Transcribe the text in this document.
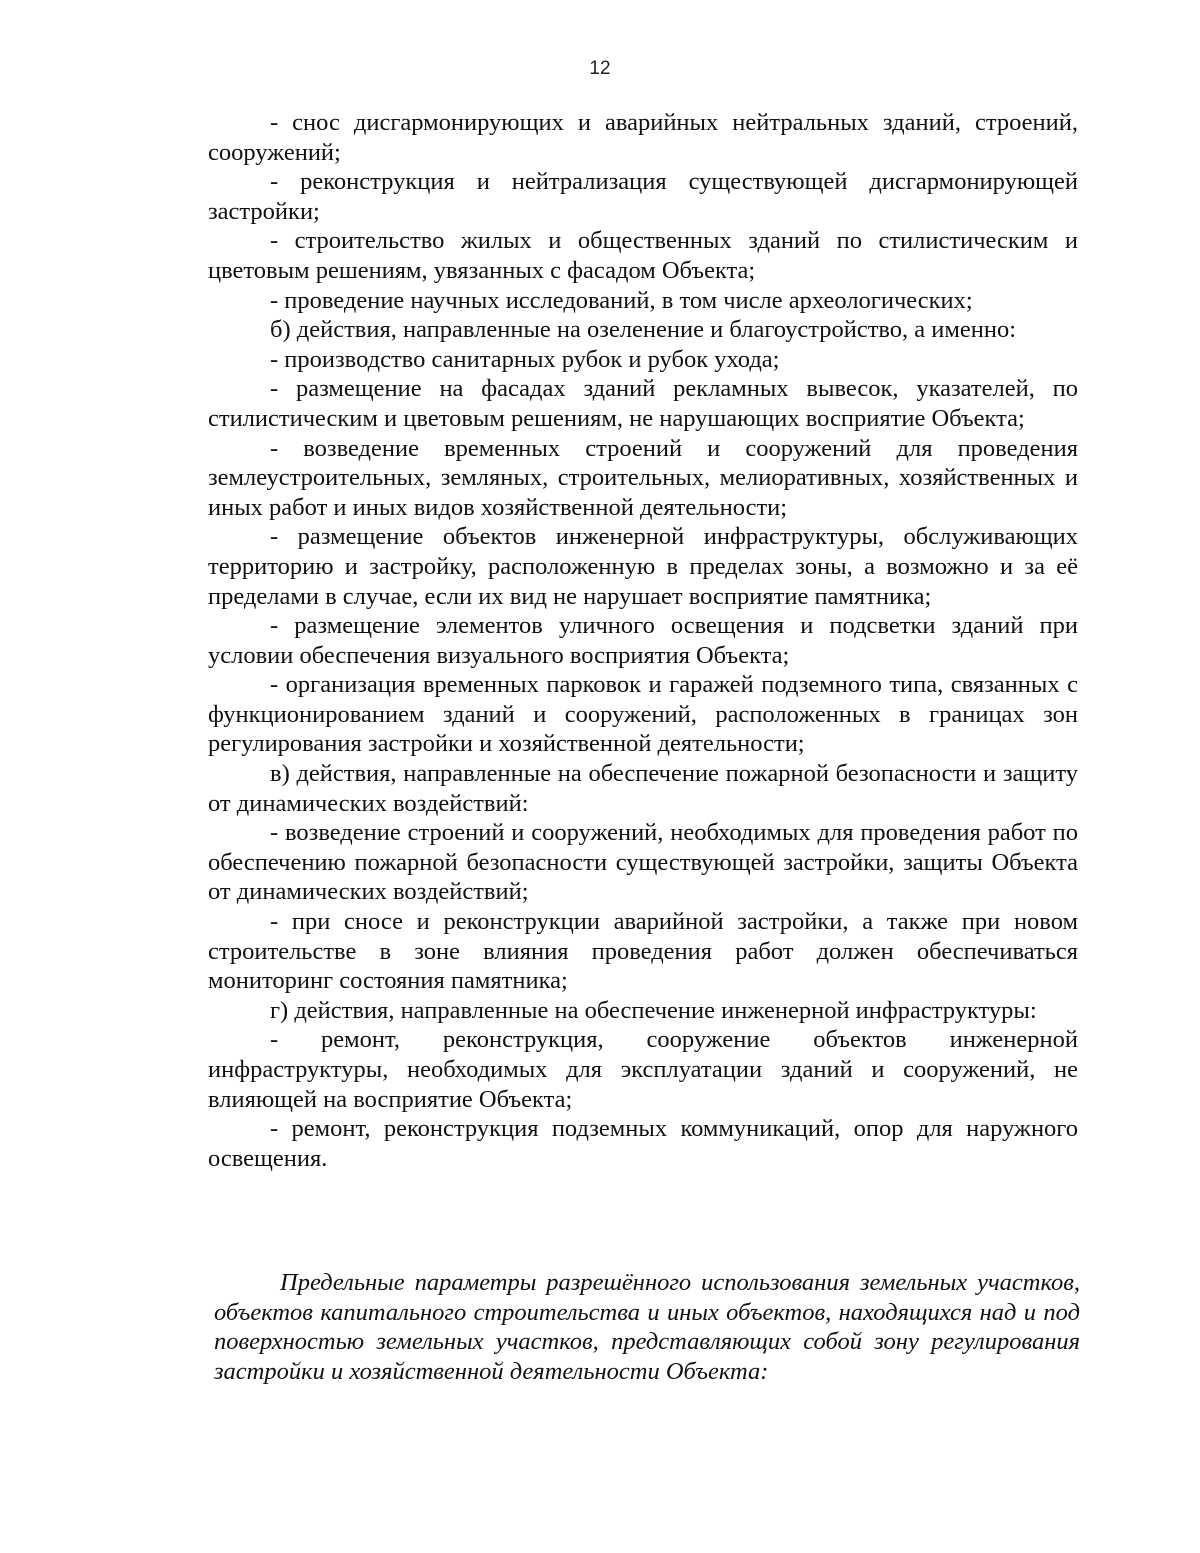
12

- снос дисгармонирующих и аварийных нейтральных зданий, строений, сооружений;

- реконструкция и нейтрализация существующей дисгармонирующей застройки;

- строительство жилых и общественных зданий по стилистическим и цветовым решениям, увязанных с фасадом Объекта;

- проведение научных исследований, в том числе археологических;

б) действия, направленные на озеленение и благоустройство, а именно:

- производство санитарных рубок и рубок ухода;

- размещение на фасадах зданий рекламных вывесок, указателей, по стилистическим и цветовым решениям, не нарушающих восприятие Объекта;

- возведение временных строений и сооружений для проведения землеустроительных, земляных, строительных, мелиоративных, хозяйственных и иных работ и иных видов хозяйственной деятельности;

- размещение объектов инженерной инфраструктуры, обслуживающих территорию и застройку, расположенную в пределах зоны, а возможно и за её пределами в случае, если их вид не нарушает восприятие памятника;

- размещение элементов уличного освещения и подсветки зданий при условии обеспечения визуального восприятия Объекта;

- организация временных парковок и гаражей подземного типа, связанных с функционированием зданий и сооружений, расположенных в границах зон регулирования застройки и хозяйственной деятельности;

в) действия, направленные на обеспечение пожарной безопасности и защиту от динамических воздействий:

- возведение строений и сооружений, необходимых для проведения работ по обеспечению пожарной безопасности существующей застройки, защиты Объекта от динамических воздействий;

- при сносе и реконструкции аварийной застройки, а также при новом строительстве в зоне влияния проведения работ должен обеспечиваться мониторинг состояния памятника;

г) действия, направленные на обеспечение инженерной инфраструктуры:

- ремонт, реконструкция, сооружение объектов инженерной инфраструктуры, необходимых для эксплуатации зданий и сооружений, не влияющей на восприятие Объекта;

- ремонт, реконструкция подземных коммуникаций, опор для наружного освещения.

Предельные параметры разрешённого использования земельных участков, объектов капитального строительства и иных объектов, находящихся над и под поверхностью земельных участков, представляющих собой зону регулирования застройки и хозяйственной деятельности Объекта:
